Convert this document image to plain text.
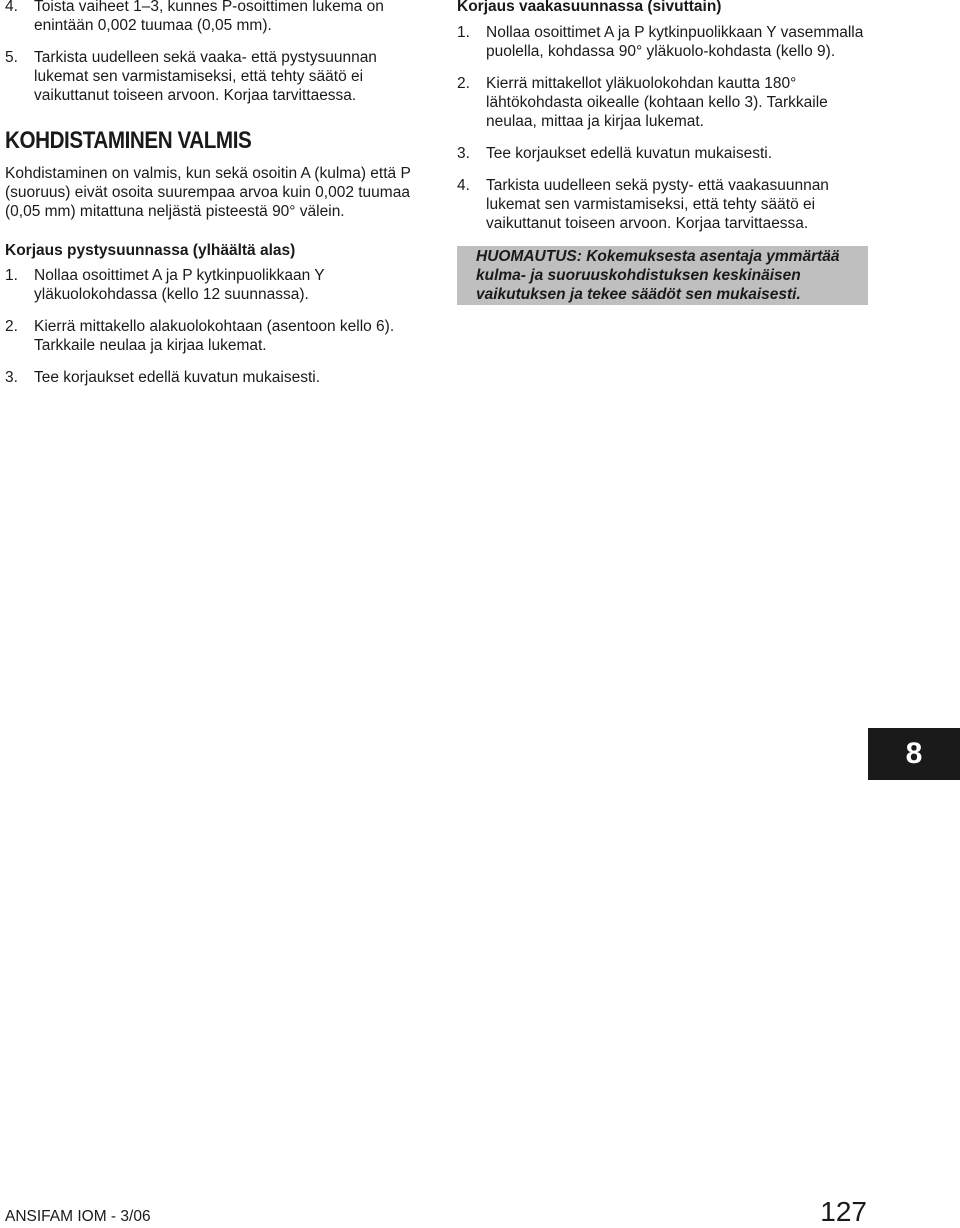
4.	Toista vaiheet 1–3, kunnes P-osoittimen lukema on enintään 0,002 tuumaa (0,05 mm).
5.	Tarkista uudelleen sekä vaaka- että pystysuunnan lukemat sen varmistamiseksi, että tehty säätö ei vaikuttanut toiseen arvoon. Korjaa tarvittaessa.
KOHDISTAMINEN VALMIS

Kohdistaminen on valmis, kun sekä osoitin A (kulma) että P (suoruus) eivät osoita suurempaa arvoa kuin 0,002 tuumaa (0,05 mm) mitattuna neljästä pisteestä 90° välein.

Korjaus pystysuunnassa (ylhäältä alas)
1.	Nollaa osoittimet A ja P kytkinpuolikkaan Y yläkuolokohdassa (kello 12 suunnassa).
2.	Kierrä mittakello alakuolokohtaan (asentoon kello 6). Tarkkaile neulaa ja kirjaa lukemat.
3.	Tee korjaukset edellä kuvatun mukaisesti.
Korjaus vaakasuunnassa (sivuttain)
1.	Nollaa osoittimet A ja P kytkinpuolikkaan Y vasemmalla puolella, kohdassa 90° yläkuolo-kohdasta (kello 9).
2.	Kierrä mittakellot yläkuolokohdan kautta 180° lähtökohdasta oikealle (kohtaan kello 3). Tarkkaile neulaa, mittaa ja kirjaa lukemat.
3.	Tee korjaukset edellä kuvatun mukaisesti.
4.	Tarkista uudelleen sekä pysty- että vaakasuunnan lukemat sen varmistamiseksi, että tehty säätö ei vaikuttanut toiseen arvoon. Korjaa tarvittaessa.
HUOMAUTUS: Kokemuksesta asentaja ymmärtää kulma- ja suoruuskohdistuksen keskinäisen vaikutuksen ja tekee säädöt sen mukaisesti.
8
ANSIFAM IOM - 3/06	127
